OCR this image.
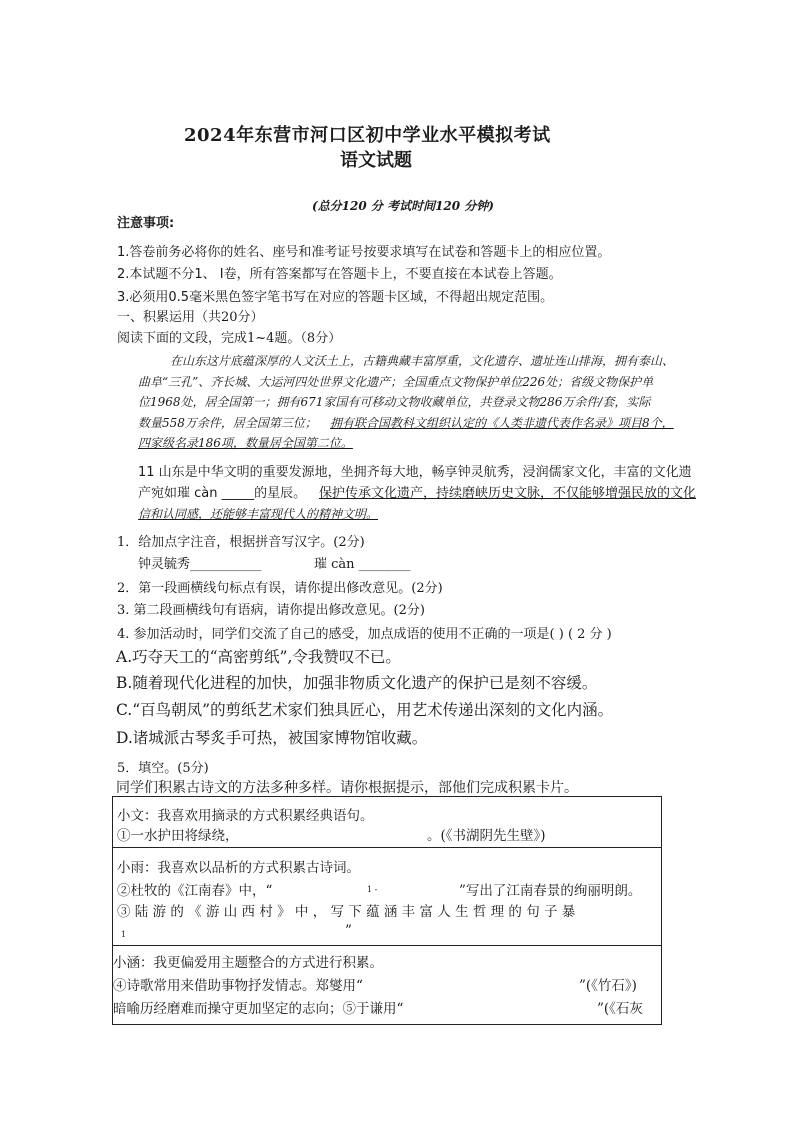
2024年东营市河口区初中学业水平模拟考试
语文试题
(总分120 分 考试时间120 分钟)
注意事项:
1.答卷前务必将你的姓名、座号和准考证号按要求填写在试卷和答题卡上的相应位置。
2.本试题不分1、 Ⅰ卷，所有答案都写在答题卡上，不要直接在本试卷上答题。
3.必须用0.5毫米黑色签字笔书写在对应的答题卡区域，不得超出规定范围。
一、积累运用（共20分）
阅读下面的文段，完成1~4题。（8分）
在山东这片底蕴深厚的人文沃土上，古籍典藏丰富厚重，文化遗存、遗址连山排海，拥有泰山、
曲阜“三孔”、齐长城、大运河四处世界文化遗产；全国重点文物保护单位226处；省级文物保护单
位1968处，居全国第一；拥有671家国有可移动文物收藏单位，共登录文物286万余件/套，实际
数量558万余件，居全国第三位； 拥有联合国教科文组织认定的《人类非遗代表作名录》项目8个，
四家级名录186项，数量居全国第二位。
11 山东是中华文明的重要发源地，坐拥齐每大地，畅享钟灵航秀，浸润儒家文化，丰富的文化遗
产宛如璀 càn _____的星辰。 保护传承文化遗产，持续磨峡历史文脉，不仅能够增强民放的文化
信和认同感，还能够丰富现代人的精神文明。
1．给加点字注音，根据拼音写汉字。(2分)
钟灵毓秀___________	璀 càn ________
2．第一段画横线句标点有误，请你提出修改意见。(2分)
3. 第二段画横线句有语病，请你提出修改意见。(2分)
4. 参加活动时，同学们交流了自己的感受，加点成语的使用不正确的一项是( ) ( 2 分 )
A.巧夺天工的“高密剪纸”,令我赞叹不已。
B.随着现代化进程的加快，加强非物质文化遗产的保护已是刻不容缓。
C.“百鸟朝凤”的剪纸艺术家们独具匠心，用艺术传递出深刻的文化内涵。
D.诸城派古琴炙手可热，被国家博物馆收藏。
5．填空。(5分)
同学们积累古诗文的方法多种多样。请你根据提示，部他们完成积累卡片。
小文：我喜欢用摘录的方式积累经典语句。
①一水护田将绿绕，	。(《书湖阴先生壁》)
小雨：我喜欢以品析的方式积累古诗词。
②杜牧的《江南春》中，“	1 -	”写出了江南春景的绚丽明朗。
③ 陆 游 的 《 游 山 西 村 》 中 ， 写 下 蕴 涵 丰 富 人 生 哲 理 的 句 子 暴
1	”
小涵：我更偏爱用主题整合的方式进行积累。
④诗歌常用来借助事物抒发情志。郑燮用“	”(《竹石》)
暗喻历经磨难而操守更加坚定的志向；⑤于谦用“	”(《石灰
